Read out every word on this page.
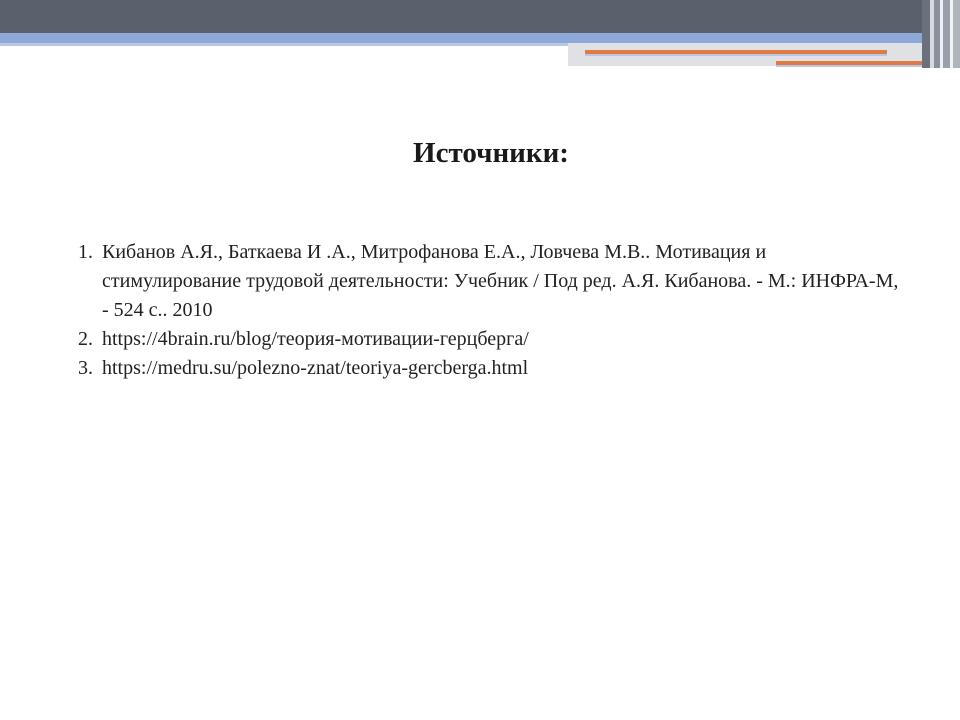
Источники:
1. Кибанов А.Я., Баткаева И .А., Митрофанова Е.А., Ловчева М.В.. Мотивация и стимулирование трудовой деятельности: Учебник / Под ред. А.Я. Кибанова. - М.: ИНФРА-М, - 524 с.. 2010
2. https://4brain.ru/blog/теория-мотивации-герцберга/
3. https://medru.su/polezno-znat/teoriya-gercberga.html
